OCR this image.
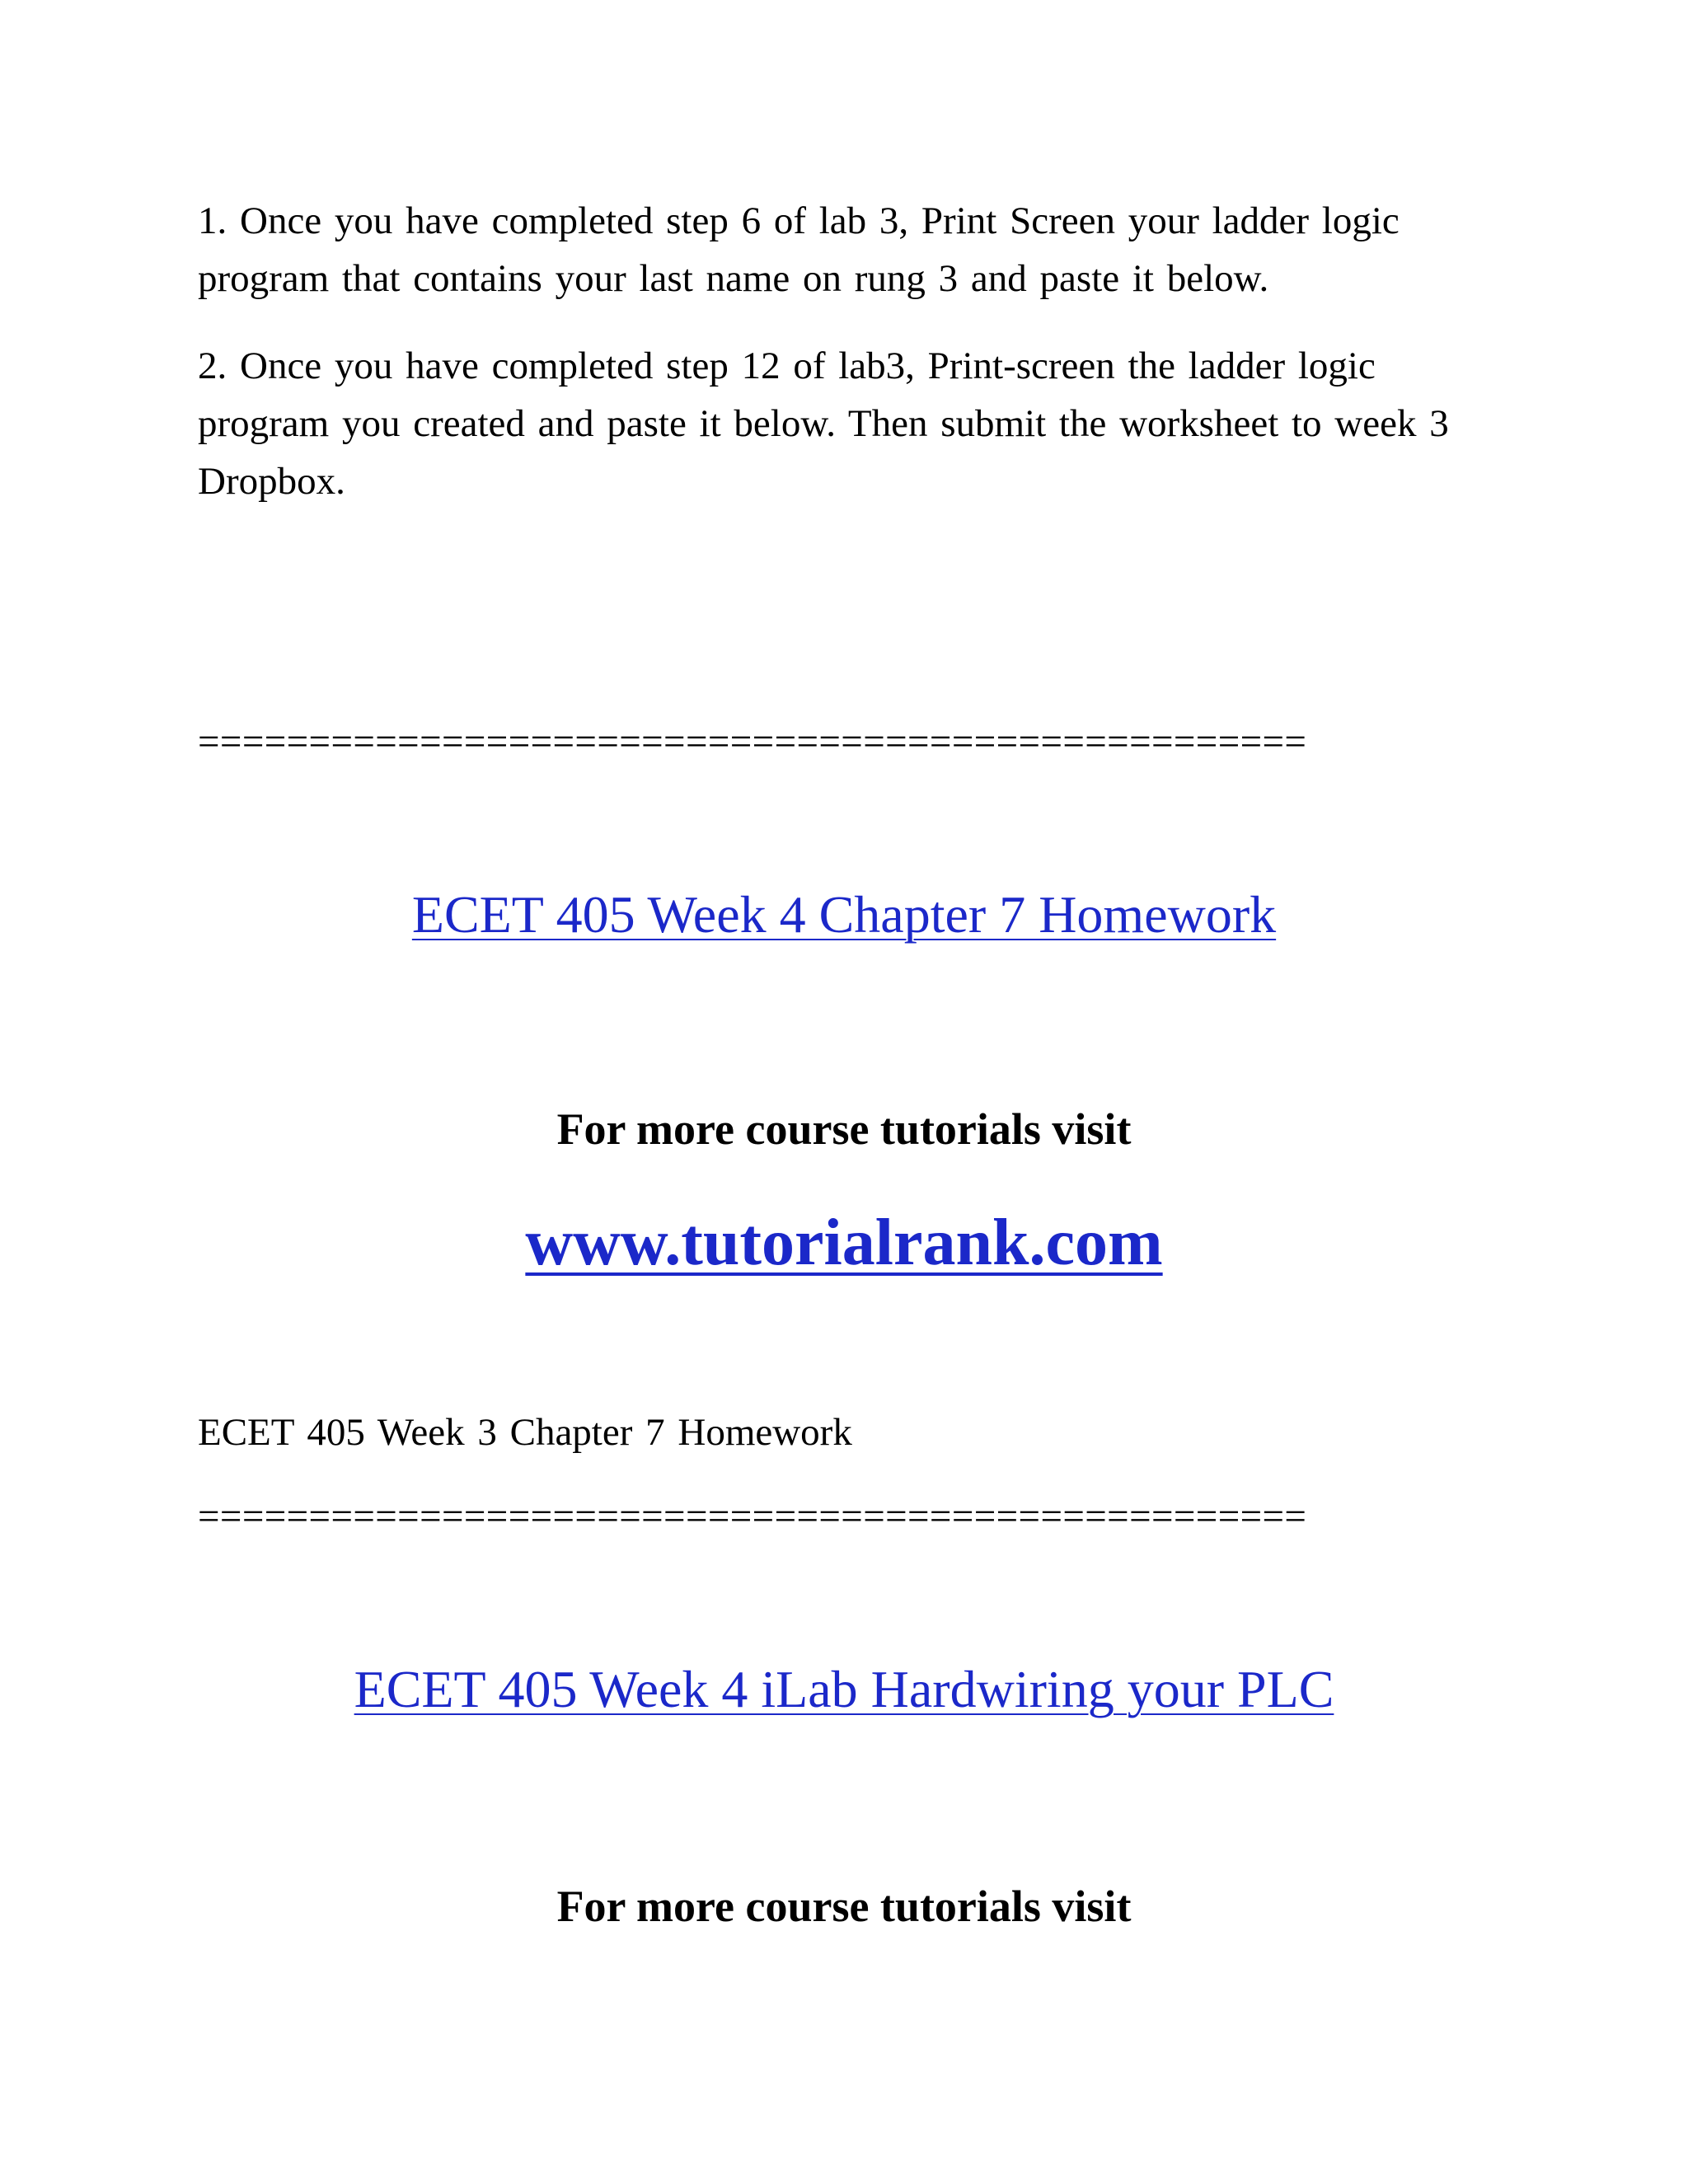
1. Once you have completed step 6 of lab 3, Print Screen your ladder logic program that contains your last name on rung 3 and paste it below.
2. Once you have completed step 12 of lab3, Print-screen the ladder logic program you created and paste it below. Then submit the worksheet to week 3 Dropbox.
==================================================
ECET 405 Week 4 Chapter 7 Homework
For more course tutorials visit
www.tutorialrank.com
ECET 405 Week 3 Chapter 7 Homework
==================================================
ECET 405 Week 4 iLab Hardwiring your PLC
For more course tutorials visit
